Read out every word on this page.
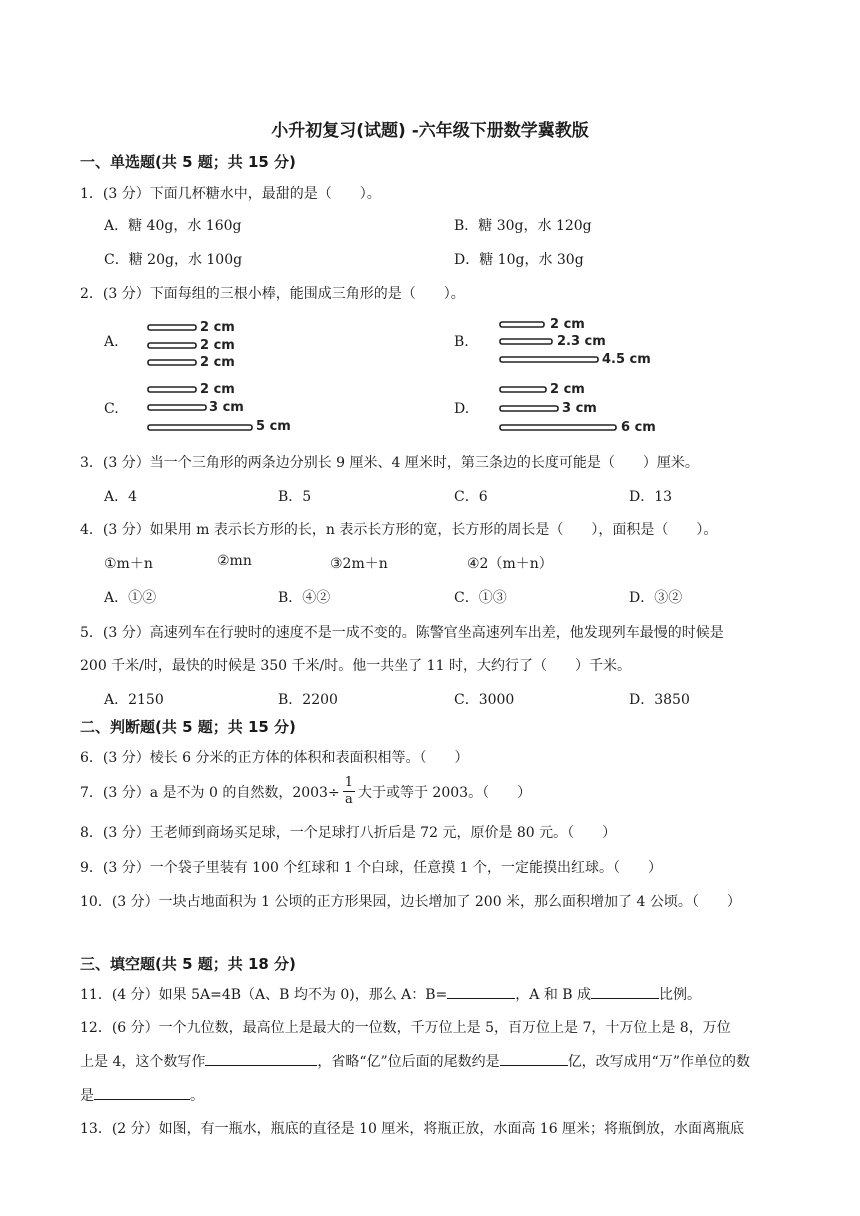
小升初复习(试题) -六年级下册数学冀教版
一、单选题(共 5 题；共 15 分)
1．(3 分）下面几杯糖水中，最甜的是（　　）。
A．糖 40g，水 160g	B．糖 30g，水 120g
C．糖 20g，水 100g	D．糖 10g，水 30g
2．(3 分）下面每组的三根小棒，能围成三角形的是（　　）。
A.
2 cm
2 cm
2 cm
B.
2 cm
2.3 cm
4.5 cm
C.
2 cm
3 cm
5 cm
D.
2 cm
3 cm
6 cm
3．(3 分）当一个三角形的两条边分别长 9 厘米、4 厘米时，第三条边的长度可能是（　　）厘米。
A．4	B．5	C．6	D．13
4．(3 分）如果用 m 表示长方形的长，n 表示长方形的宽，长方形的周长是（　　），面积是（　　）。
①m＋n	②mn	③2m＋n	④2（m＋n）
A．①②	B．④②	C．①③	D．③②
5．(3 分）高速列车在行驶时的速度不是一成不变的。陈警官坐高速列车出差，他发现列车最慢的时候是
200 千米/时，最快的时候是 350 千米/时。他一共坐了 11 时，大约行了（　　）千米。
A．2150	B．2200	C．3000	D．3850
二、判断题(共 5 题；共 15 分)
6．(3 分）棱长 6 分米的正方体的体积和表面积相等。（　　）
7．(3 分）a 是不为 0 的自然数，$2003\div \frac{1}{a}$ 大于或等于 2003。（　　）
8．(3 分）王老师到商场买足球，一个足球打八折后是 72 元，原价是 80 元。（　　）
9．(3 分）一个袋子里装有 100 个红球和 1 个白球，任意摸 1 个，一定能摸出红球。（　　）
10．(3 分）一块占地面积为 1 公顷的正方形果园，边长增加了 200 米，那么面积增加了 4 公顷。（　　）
三、填空题(共 5 题；共 18 分)
11．(4 分）如果 5A=4B（A、B 均不为 0)，那么 A：B=	，A 和 B 成	比例。
12．(6 分）一个九位数，最高位上是最大的一位数，千万位上是 5，百万位上是 7，十万位上是 8，万位
上是 4，这个数写作	，省略“亿”位后面的尾数约是	亿，改写成用“万”作单位的数
是	。
13．(2 分）如图，有一瓶水，瓶底的直径是 10 厘米，将瓶正放，水面高 16 厘米；将瓶倒放，水面离瓶底
